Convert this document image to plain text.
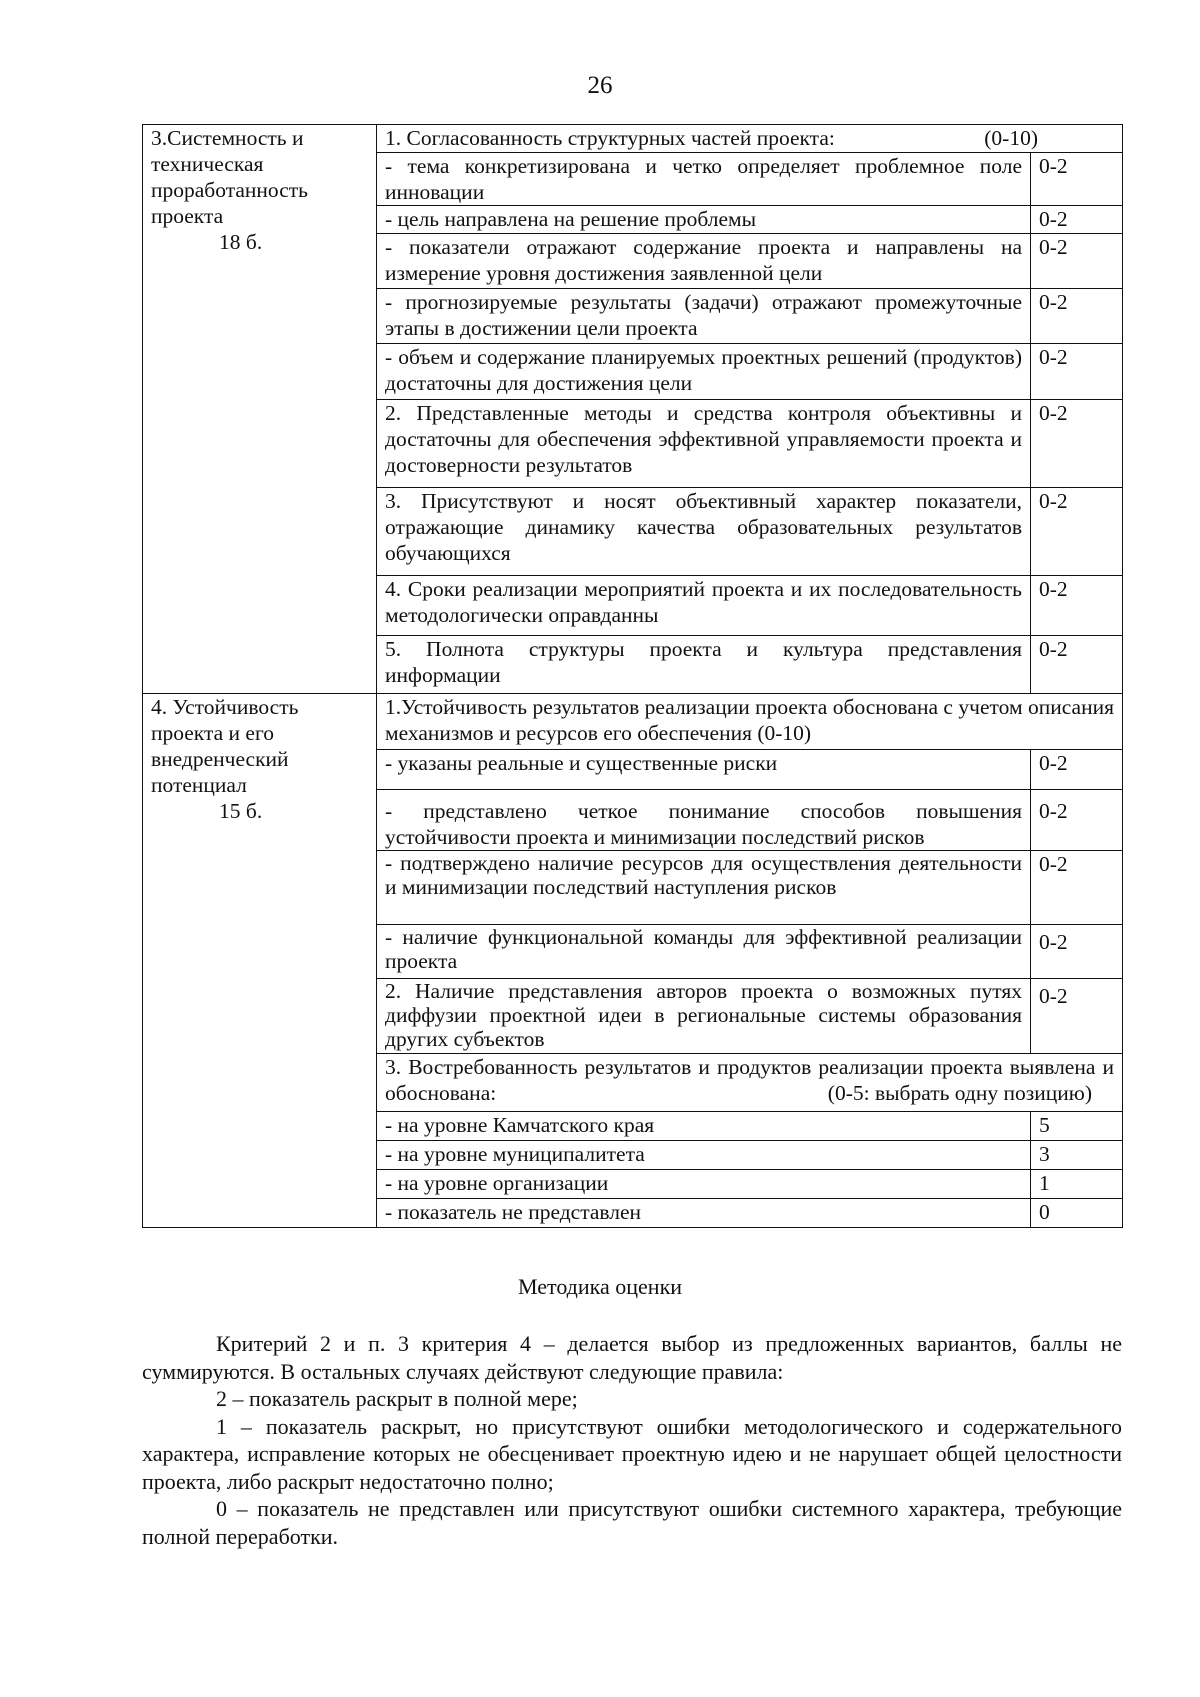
26
3.Системность и
техническая
проработанность
проекта
18 б.	1. Согласованность структурных частей проекта: (0-10)	

	- тема конкретизирована и четко определяет проблемное поле инновации	0-2
	- цель направлена на решение проблемы	0-2
	- показатели отражают содержание проекта и направлены на измерение уровня достижения заявленной цели	0-2
	- прогнозируемые результаты (задачи) отражают промежуточные этапы в достижении цели проекта	0-2
	- объем и содержание планируемых проектных решений (продуктов) достаточны для достижения цели	0-2
	2. Представленные методы и средства контроля объективны и достаточны для обеспечения эффективной управляемости проекта и достоверности результатов	0-2
	3. Присутствуют и носят объективный характер показатели, отражающие динамику качества образовательных результатов обучающихся	0-2
	4. Сроки реализации мероприятий проекта и их последовательность методологически оправданны	0-2
	5. Полнота структуры проекта и культура представления информации	0-2

4. Устойчивость
проекта и его
внедренческий
потенциал
15 б.	1.Устойчивость результатов реализации проекта обоснована с учетом описания механизмов и ресурсов его обеспечения (0-10)	
	- указаны реальные и существенные риски	0-2
	- представлено четкое понимание способов повышения устойчивости проекта и минимизации последствий рисков	0-2
	- подтверждено наличие ресурсов для осуществления деятельности и минимизации последствий наступления рисков	0-2
	- наличие функциональной команды для эффективной реализации проекта	0-2
	2. Наличие представления авторов проекта о возможных путях диффузии проектной идеи в региональные системы образования других субъектов	0-2
	3. Востребованность результатов и продуктов реализации проекта выявлена и обоснована: (0-5: выбрать одну позицию)	

	- на уровне Камчатского края	5
	- на уровне муниципалитета	3
	- на уровне организации	1
	- показатель не представлен	0
Методика оценки

Критерий 2 и п. 3 критерия 4 – делается выбор из предложенных вариантов, баллы не суммируются. В остальных случаях действуют следующие правила:

2 – показатель раскрыт в полной мере;

1 – показатель раскрыт, но присутствуют ошибки методологического и содержательного характера, исправление которых не обесценивает проектную идею и не нарушает общей целостности проекта, либо раскрыт недостаточно полно;

0 – показатель не представлен или присутствуют ошибки системного характера, требующие полной переработки.
